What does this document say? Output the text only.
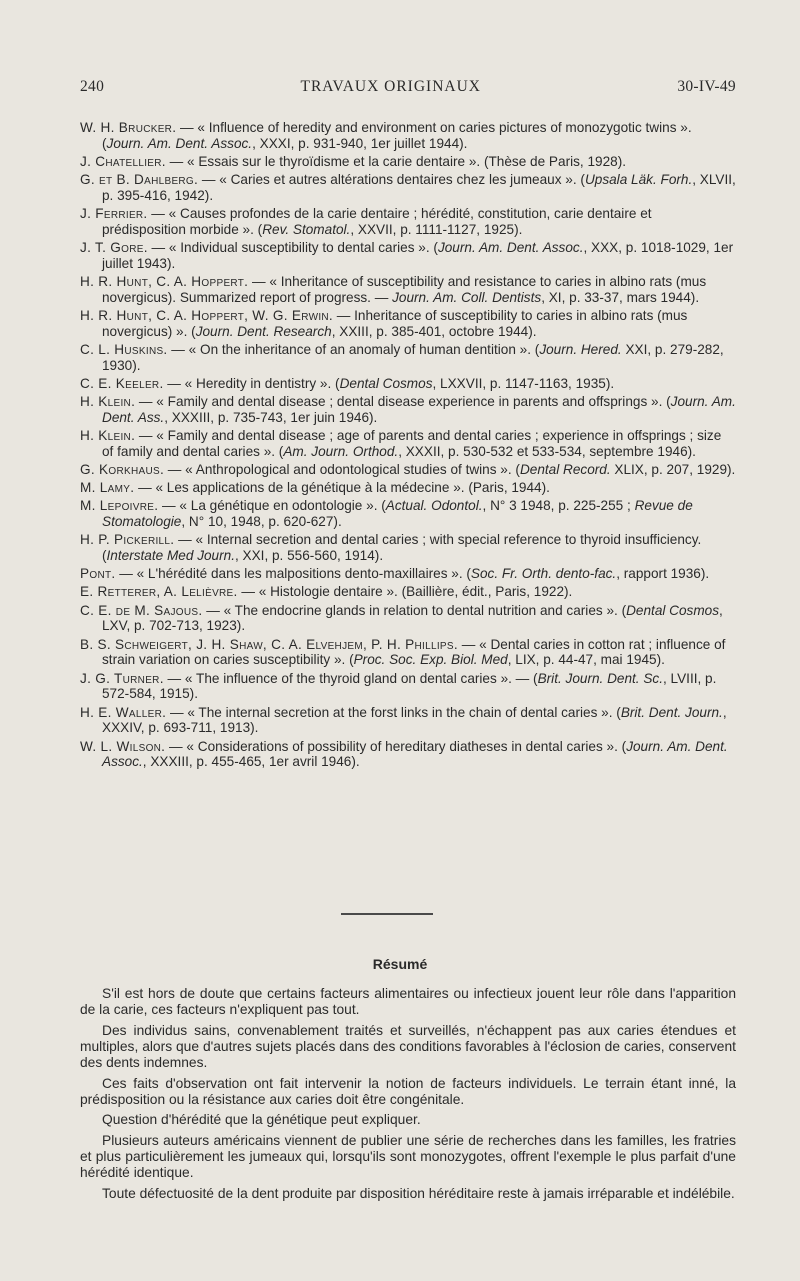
240	TRAVAUX ORIGINAUX	30-IV-49

W. H. Brucker. — « Influence of heredity and environment on caries pictures of monozygotic twins ». (Journ. Am. Dent. Assoc., XXXI, p. 931-940, 1er juillet 1944).

J. Chatellier. — « Essais sur le thyroïdisme et la carie dentaire ». (Thèse de Paris, 1928).

G. et B. Dahlberg. — « Caries et autres altérations dentaires chez les jumeaux ». (Upsala Läk. Forh., XLVII, p. 395-416, 1942).

J. Ferrier. — « Causes profondes de la carie dentaire ; hérédité, constitution, carie dentaire et prédisposition morbide ». (Rev. Stomatol., XXVII, p. 1111-1127, 1925).

J. T. Gore. — « Individual susceptibility to dental caries ». (Journ. Am. Dent. Assoc., XXX, p. 1018-1029, 1er juillet 1943).

H. R. Hunt, C. A. Hoppert. — « Inheritance of susceptibility and resistance to caries in albino rats (mus novergicus). Summarized report of progress. — Journ. Am. Coll. Dentists, XI, p. 33-37, mars 1944).

H. R. Hunt, C. A. Hoppert, W. G. Erwin. — Inheritance of susceptibility to caries in albino rats (mus novergicus) ». (Journ. Dent. Research, XXIII, p. 385-401, octobre 1944).

C. L. Huskins. — « On the inheritance of an anomaly of human dentition ». (Journ. Hered. XXI, p. 279-282, 1930).

C. E. Keeler. — « Heredity in dentistry ». (Dental Cosmos, LXXVII, p. 1147-1163, 1935).

H. Klein. — « Family and dental disease ; dental disease experience in parents and offsprings ». (Journ. Am. Dent. Ass., XXXIII, p. 735-743, 1er juin 1946).

H. Klein. — « Family and dental disease ; age of parents and dental caries ; experience in offsprings ; size of family and dental caries ». (Am. Journ. Orthod., XXXII, p. 530-532 et 533-534, septembre 1946).

G. Korkhaus. — « Anthropological and odontological studies of twins ». (Dental Record. XLIX, p. 207, 1929).

M. Lamy. — « Les applications de la génétique à la médecine ». (Paris, 1944).

M. Lepoivre. — « La génétique en odontologie ». (Actual. Odontol., N° 3 1948, p. 225-255 ; Revue de Stomatologie, N° 10, 1948, p. 620-627).

H. P. Pickerill. — « Internal secretion and dental caries ; with special reference to thyroid insufficiency. (Interstate Med Journ., XXI, p. 556-560, 1914).

Pont. — « L'hérédité dans les malpositions dento-maxillaires ». (Soc. Fr. Orth. dento-fac., rapport 1936).

E. Retterer, A. Lelièvre. — « Histologie dentaire ». (Baillière, édit., Paris, 1922).

C. E. de M. Sajous. — « The endocrine glands in relation to dental nutrition and caries ». (Dental Cosmos, LXV, p. 702-713, 1923).

B. S. Schweigert, J. H. Shaw, C. A. Elvehjem, P. H. Phillips. — « Dental caries in cotton rat ; influence of strain variation on caries susceptibility ». (Proc. Soc. Exp. Biol. Med, LIX, p. 44-47, mai 1945).

J. G. Turner. — « The influence of the thyroid gland on dental caries ». — (Brit. Journ. Dent. Sc., LVIII, p. 572-584, 1915).

H. E. Waller. — « The internal secretion at the forst links in the chain of dental caries ». (Brit. Dent. Journ., XXXIV, p. 693-711, 1913).

W. L. Wilson. — « Considerations of possibility of hereditary diatheses in dental caries ». (Journ. Am. Dent. Assoc., XXXIII, p. 455-465, 1er avril 1946).

Résumé

S'il est hors de doute que certains facteurs alimentaires ou infectieux jouent leur rôle dans l'apparition de la carie, ces facteurs n'expliquent pas tout.

Des individus sains, convenablement traités et surveillés, n'échappent pas aux caries étendues et multiples, alors que d'autres sujets placés dans des conditions favorables à l'éclosion de caries, conservent des dents indemnes.

Ces faits d'observation ont fait intervenir la notion de facteurs individuels. Le terrain étant inné, la prédisposition ou la résistance aux caries doit être congénitale.

Question d'hérédité que la génétique peut expliquer.

Plusieurs auteurs américains viennent de publier une série de recherches dans les familles, les fratries et plus particulièrement les jumeaux qui, lorsqu'ils sont monozygotes, offrent l'exemple le plus parfait d'une hérédité identique.

Toute défectuosité de la dent produite par disposition héréditaire reste à jamais irréparable et indélébile.
